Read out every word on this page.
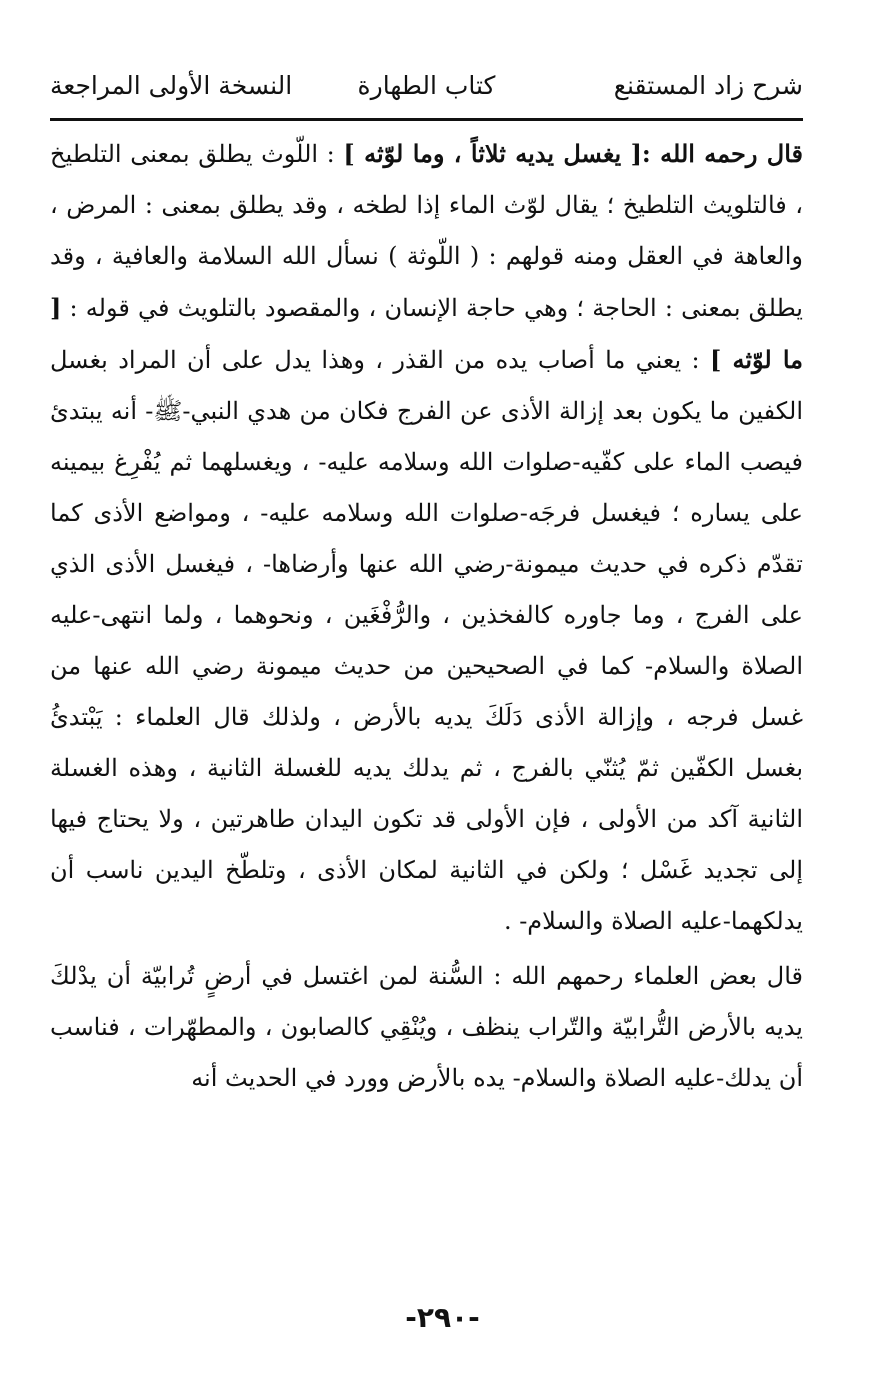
شرح زاد المستقنع
كتاب الطهارة
النسخة الأولى المراجعة

قال رحمه الله :[ يغسل يديه ثلاثاً ، وما لوّثه ] : اللّوث يطلق بمعنى التلطيخ ، فالتلويث التلطيخ ؛ يقال لوّث الماء إذا لطخه ، وقد يطلق بمعنى : المرض ، والعاهة في العقل ومنه قولهم : ( اللّوثة ) نسأل الله السلامة والعافية ، وقد يطلق بمعنى : الحاجة ؛ وهي حاجة الإنسان ، والمقصود بالتلويث في قوله : [ ما لوّثه ] : يعني ما أصاب يده من القذر ، وهذا يدل على أن المراد بغسل الكفين ما يكون بعد إزالة الأذى عن الفرج فكان من هدي النبي-ﷺ- أنه يبتدئ فيصب الماء على كفّيه-صلوات الله وسلامه عليه- ، ويغسلهما ثم يُفْرِغ بيمينه على يساره ؛ فيغسل فرجَه-صلوات الله وسلامه عليه- ، ومواضع الأذى كما تقدّم ذكره في حديث ميمونة-رضي الله عنها وأرضاها- ، فيغسل الأذى الذي على الفرج ، وما جاوره كالفخذين ، والرُّفْغَين ، ونحوهما ، ولما انتهى-عليه الصلاة والسلام- كما في الصحيحين من حديث ميمونة رضي الله عنها من غسل فرجه ، وإزالة الأذى دَلَكَ يديه بالأرض ، ولذلك قال العلماء : يَبْتدئُ بغسل الكفّين ثمّ يُثنّي بالفرج ، ثم يدلك يديه للغسلة الثانية ، وهذه الغسلة الثانية آكد من الأولى ، فإن الأولى قد تكون اليدان طاهرتين ، ولا يحتاج فيها إلى تجديد غَسْل ؛ ولكن في الثانية لمكان الأذى ، وتلطّخ اليدين ناسب أن يدلكهما-عليه الصلاة والسلام- .

قال بعض العلماء رحمهم الله : السُّنة لمن اغتسل في أرضٍ تُرابيّة أن يدْلكَ يديه بالأرض التُّرابيّة والتّراب ينظف ، ويُنْقِي كالصابون ، والمطهّرات ، فناسب أن يدلك-عليه الصلاة والسلام- يده بالأرض وورد في الحديث أنه

-٢٩٠-
